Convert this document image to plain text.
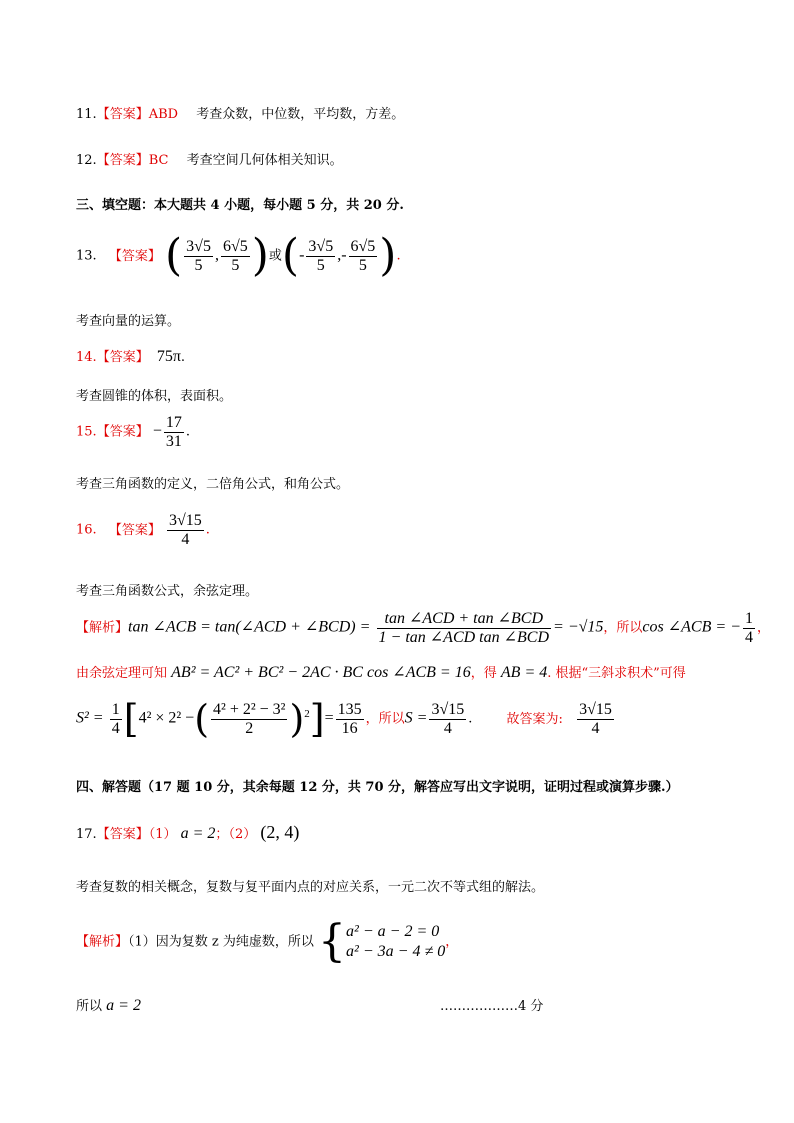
11.【答案】ABD 考查众数，中位数，平均数，方差。
12.【答案】BC 考查空间几何体相关知识。
三、填空题：本大题共 4 小题，每小题 5 分，共 20 分.
13. 【答案】 ( $\frac{3√5}{5}$ , $\frac{6√5}{5}$ )或(- $\frac{3√5}{5}$ ,- $\frac{6√5}{5}$ ).
考查向量的运算。
14.【答案】 75π.
考查圆锥的体积，表面积。
15.【答案】 − $\frac{17}{31}$ .
考查三角函数的定义，二倍角公式，和角公式。
16. 【答案】 $\frac{3√15}{4}$ .
考查三角函数公式，余弦定理。
【解析】tan ∠ACB = tan(∠ACD + ∠BCD) = $\frac{\text{tan ∠ACD + tan ∠BCD}}{\text{1 − tan ∠ACD tan ∠BCD}} = -√15$，所以cos ∠ACB = − $\frac{1}{4}$ ，
由余弦定理可知 AB² = AC² + BC² − 2AC · BC cos ∠ACB = 16，得 AB = 4. 根据“三斜求积术”可得
$S^2 = \frac{1}{4} [4^2 \times 2^2$ −( $\frac{\text{4² + 2² − 3²}}{2} )^2]= \frac{135}{16}$ ，所以$S = \frac{3√15}{4}$ .	故答案为: $\frac{3√15}{4}$
四、解答题（17 题 10 分，其余每题 12 分，共 70 分，解答应写出文字说明，证明过程或演算步骤.）
17.【答案】（1） a = 2；（2） (2, 4)
考查复数的相关概念，复数与复平面内点的对应关系，一元二次不等式组的解法。
【解析】（1）因为复数 z 为纯虚数，所以 { a² − a − 2 = 0
a² − 3a − 4 ≠ 0
，
所以 a = 2	………………4 分
